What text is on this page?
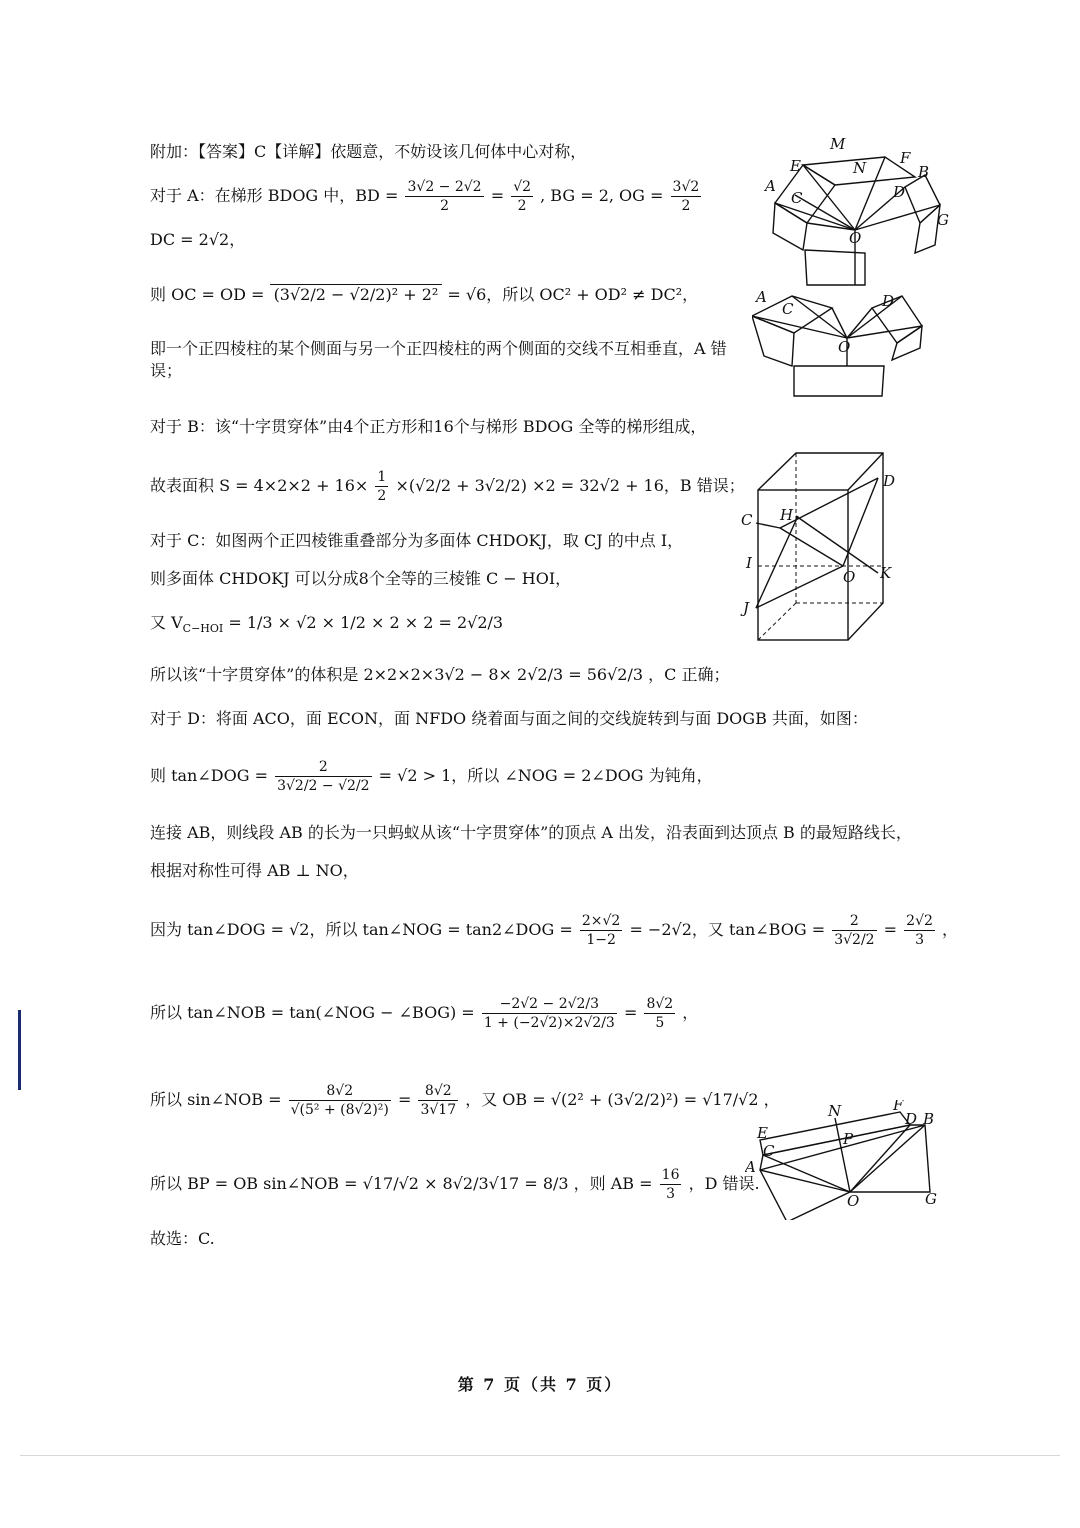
附加：【答案】C【详解】依题意，不妨设该几何体中心对称，
对于 A：在梯形 BDOG 中，BD = $\frac{3√2 - 2√2}{2} = \frac{√2}{2}$ , BG = 2, OG = $\frac{3√2}{2}$
DC = 2√2，
则 OC = OD = (3√2/2 − √2/2)² + 2² = √6，所以 OC² + OD² ≠ DC²，
即一个正四棱柱的某个侧面与另一个正四棱柱的两个侧面的交线不互相垂直，A 错误；
对于 B：该“十字贯穿体”由4个正方形和16个与梯形 BDOG 全等的梯形组成，
故表面积 $S = 4\times 2\times 2 + 16\times \frac{1}{2} \times(√2/2 + 3√2/2) \times 2 = 32√2 + 16$，B 错误；
对于 C：如图两个正四棱锥重叠部分为多面体 CHDOKJ，取 CJ 的中点 I，
则多面体 CHDOKJ 可以分成8个全等的三棱锥 C − HOI，
又 $V_{C-HOI} = 1/3 \times √2 \times 1/2 \times 2 \times 2 = 2√2/3$
所以该“十字贯穿体”的体积是 2×2×2×3√2 − 8× 2√2/3 = 56√2/3 ，C 正确；
对于 D：将面 ACO，面 ECON，面 NFDO 绕着面与面之间的交线旋转到与面 DOGB 共面，如图：
则 tan∠DOG = $\frac{2}{3√2/2 - √2/2} = √2 > 1$，所以 ∠NOG = 2∠DOG 为钝角，
连接 AB，则线段 AB 的长为一只蚂蚁从该“十字贯穿体”的顶点 A 出发，沿表面到达顶点 B 的最短路线长，
根据对称性可得 AB ⊥ NO，
因为 tan∠DOG = √2，所以 tan∠NOG = tan2∠DOG = $\frac{2\times√2}{1-2} = -2√2$，又 tan∠BOG = $\frac{2}{3√2/2} = \frac{2√2}{3}$ ，
所以 tan∠NOB = tan(∠NOG − ∠BOG) = $\frac{-2√2 - 2√2/3}{1 + (-2√2)\times 2√2/3} = \frac{8√2}{5}$ ，
所以 sin∠NOB = $\frac{8√2}{\text{√(5² + (8√2)²)}} = \frac{8√2}{3√17}$ ，又 OB = √(2² + (3√2/2)²) = √17/√2 ，
所以 BP = OB sin∠NOB = √17/√2 × 8√2/3√17 = 8/3 ，则 AB = $\frac{16}{3}$ ，D 错误.
故选：C.
M
E	N
F
B
A
C	D
G
O
A
C	D
O
D
C H
I
O K
J
N	F
E	P
D B
C
A
O	G
第 7 页（共 7 页）
